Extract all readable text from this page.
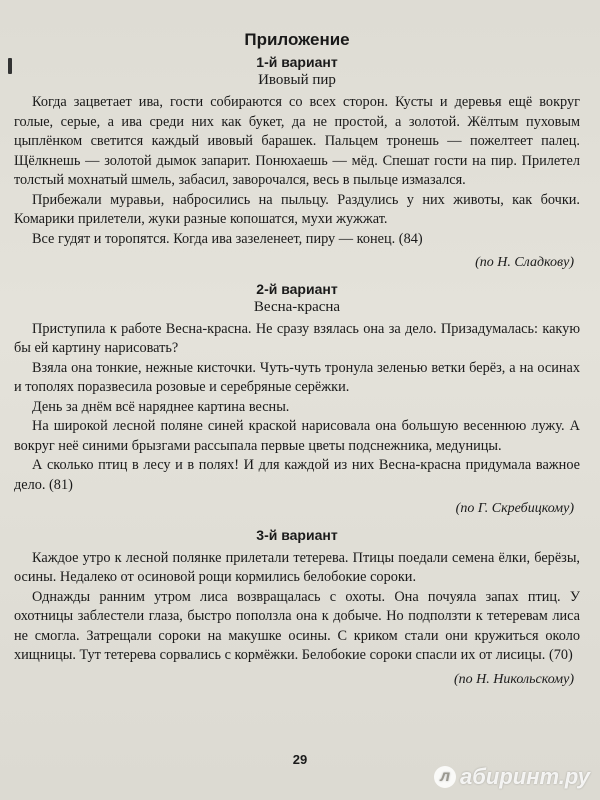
Приложение
1-й вариант
Ивовый пир

Когда зацветает ива, гости собираются со всех сторон. Кусты и деревья ещё вокруг голые, серые, а ива среди них как букет, да не простой, а золотой. Жёлтым пуховым цыплёнком светится каждый ивовый барашек. Пальцем тронешь — пожелтеет палец. Щёлкнешь — золотой дымок запарит. Понюхаешь — мёд. Спешат гости на пир. Прилетел толстый мохнатый шмель, забасил, заворочался, весь в пыльце измазался.

Прибежали муравьи, набросились на пыльцу. Раздулись у них животы, как бочки. Комарики прилетели, жуки разные копошатся, мухи жужжат.

Все гудят и торопятся. Когда ива зазеленеет, пиру — конец. (84)

(по Н. Сладкову)

2-й вариант
Весна-красна

Приступила к работе Весна-красна. Не сразу взялась она за дело. Призадумалась: какую бы ей картину нарисовать?

Взяла она тонкие, нежные кисточки. Чуть-чуть тронула зеленью ветки берёз, а на осинах и тополях поразвесила розовые и серебряные серёжки.

День за днём всё наряднее картина весны.

На широкой лесной поляне синей краской нарисовала она большую весеннюю лужу. А вокруг неё синими брызгами рассыпала первые цветы подснежника, медуницы.

А сколько птиц в лесу и в полях! И для каждой из них Весна-красна придумала важное дело. (81)

(по Г. Скребицкому)

3-й вариант

Каждое утро к лесной полянке прилетали тетерева. Птицы поедали семена ёлки, берёзы, осины. Недалеко от осиновой рощи кормились белобокие сороки.

Однажды ранним утром лиса возвращалась с охоты. Она почуяла запах птиц. У охотницы заблестели глаза, быстро поползла она к добыче. Но подползти к тетеревам лиса не смогла. Затрещали сороки на макушке осины. С криком стали они кружиться около хищницы. Тут тетерева сорвались с кормёжки. Белобокие сороки спасли их от лисицы. (70)

(по Н. Никольскому)

29
л абиринт.ру
